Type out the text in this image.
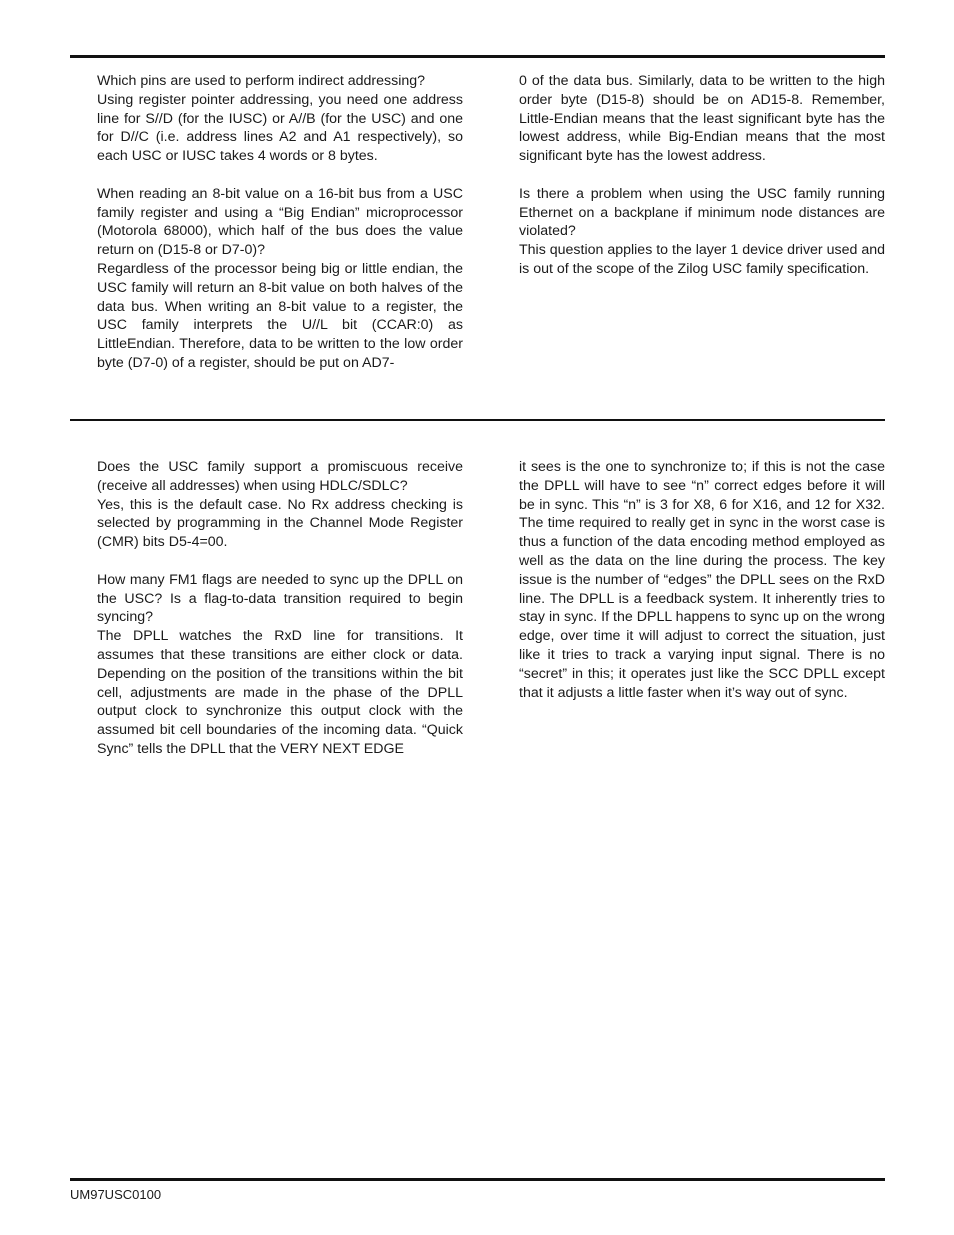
Which pins are used to perform indirect addressing?

Using register pointer addressing, you need one address line for S//D (for the IUSC) or A//B (for the USC) and one for D//C (i.e. address lines A2 and A1 respectively), so each USC or IUSC takes 4 words or 8 bytes.

When reading an 8-bit value on a 16-bit bus from a USC family register and using a “Big Endian” microprocessor (Motorola 68000), which half of the bus does the value return on (D15-8 or D7-0)?

Regardless of the processor being big or little endian, the USC family will return an 8-bit value on both halves of the data bus. When writing an 8-bit value to a register, the USC family interprets the U//L bit (CCAR:0) as LittleEndian. Therefore, data to be written to the low order byte (D7-0) of a register, should be put on AD7-

0 of the data bus. Similarly, data to be written to the high order byte (D15-8) should be on AD15-8. Remember, Little-Endian means that the least significant byte has the lowest address, while Big-Endian means that the most significant byte has the lowest address.

Is there a problem when using the USC family running Ethernet on a backplane if minimum node distances are violated?

This question applies to the layer 1 device driver used and is out of the scope of the Zilog USC family specification.

Does the USC family support a promiscuous receive (receive all addresses) when using HDLC/SDLC?

Yes, this is the default case. No Rx address checking is selected by programming in the Channel Mode Register (CMR) bits D5-4=00.

How many FM1 flags are needed to sync up the DPLL on the USC? Is a flag-to-data transition required to begin syncing?

The DPLL watches the RxD line for transitions. It assumes that these transitions are either clock or data. Depending on the position of the transitions within the bit cell, adjustments are made in the phase of the DPLL output clock to synchronize this output clock with the assumed bit cell boundaries of the incoming data. “Quick Sync” tells the DPLL that the VERY NEXT EDGE

it sees is the one to synchronize to; if this is not the case the DPLL will have to see “n” correct edges before it will be in sync. This “n” is 3 for X8, 6 for X16, and 12 for X32. The time required to really get in sync in the worst case is thus a function of the data encoding method employed as well as the data on the line during the process. The key issue is the number of “edges” the DPLL sees on the RxD line. The DPLL is a feedback system. It inherently tries to stay in sync. If the DPLL happens to sync up on the wrong edge, over time it will adjust to correct the situation, just like it tries to track a varying input signal. There is no “secret” in this; it operates just like the SCC DPLL except that it adjusts a little faster when it’s way out of sync.

UM97USC0100
